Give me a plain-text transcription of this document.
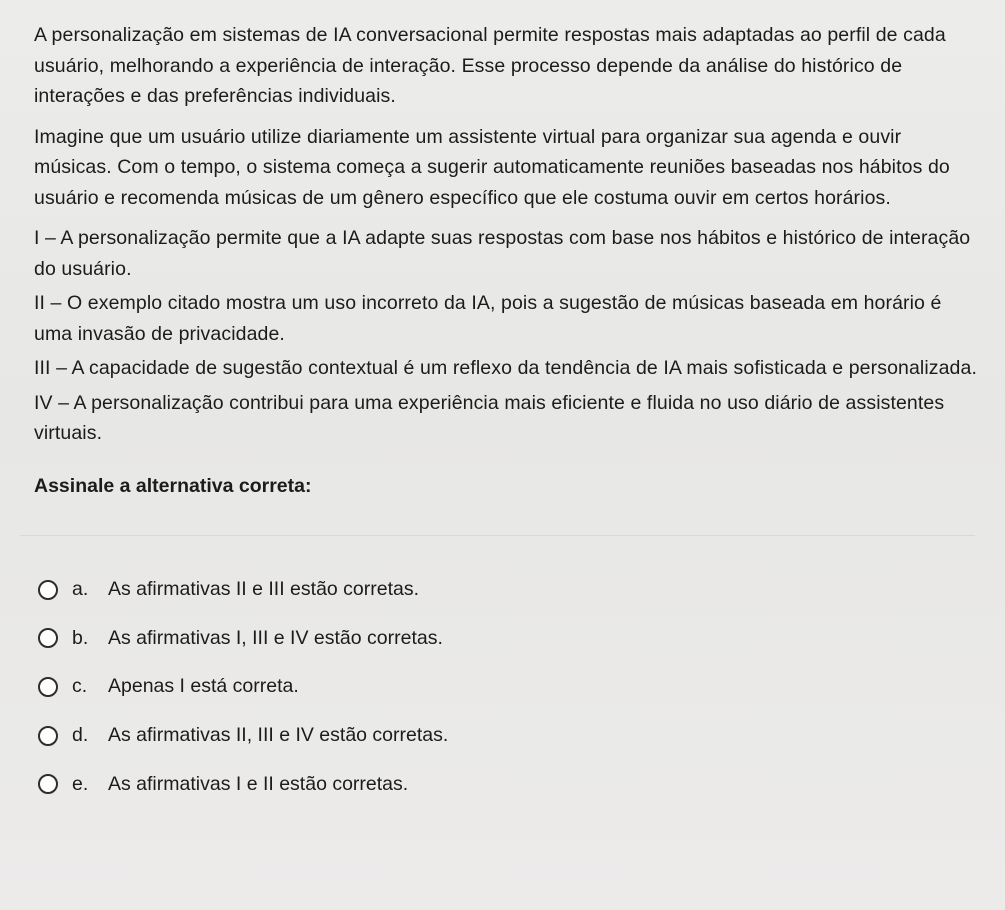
A personalização em sistemas de IA conversacional permite respostas mais adaptadas ao perfil de cada usuário, melhorando a experiência de interação. Esse processo depende da análise do histórico de interações e das preferências individuais.

Imagine que um usuário utilize diariamente um assistente virtual para organizar sua agenda e ouvir músicas. Com o tempo, o sistema começa a sugerir automaticamente reuniões baseadas nos hábitos do usuário e recomenda músicas de um gênero específico que ele costuma ouvir em certos horários.

I – A personalização permite que a IA adapte suas respostas com base nos hábitos e histórico de interação do usuário.

II – O exemplo citado mostra um uso incorreto da IA, pois a sugestão de músicas baseada em horário é uma invasão de privacidade.

III – A capacidade de sugestão contextual é um reflexo da tendência de IA mais sofisticada e personalizada.

IV – A personalização contribui para uma experiência mais eficiente e fluida no uso diário de assistentes virtuais.

Assinale a alternativa correta:

a.	As afirmativas II e III estão corretas.
b.	As afirmativas I, III e IV estão corretas.
c.	Apenas I está correta.
d.	As afirmativas II, III e IV estão corretas.
e.	As afirmativas I e II estão corretas.
